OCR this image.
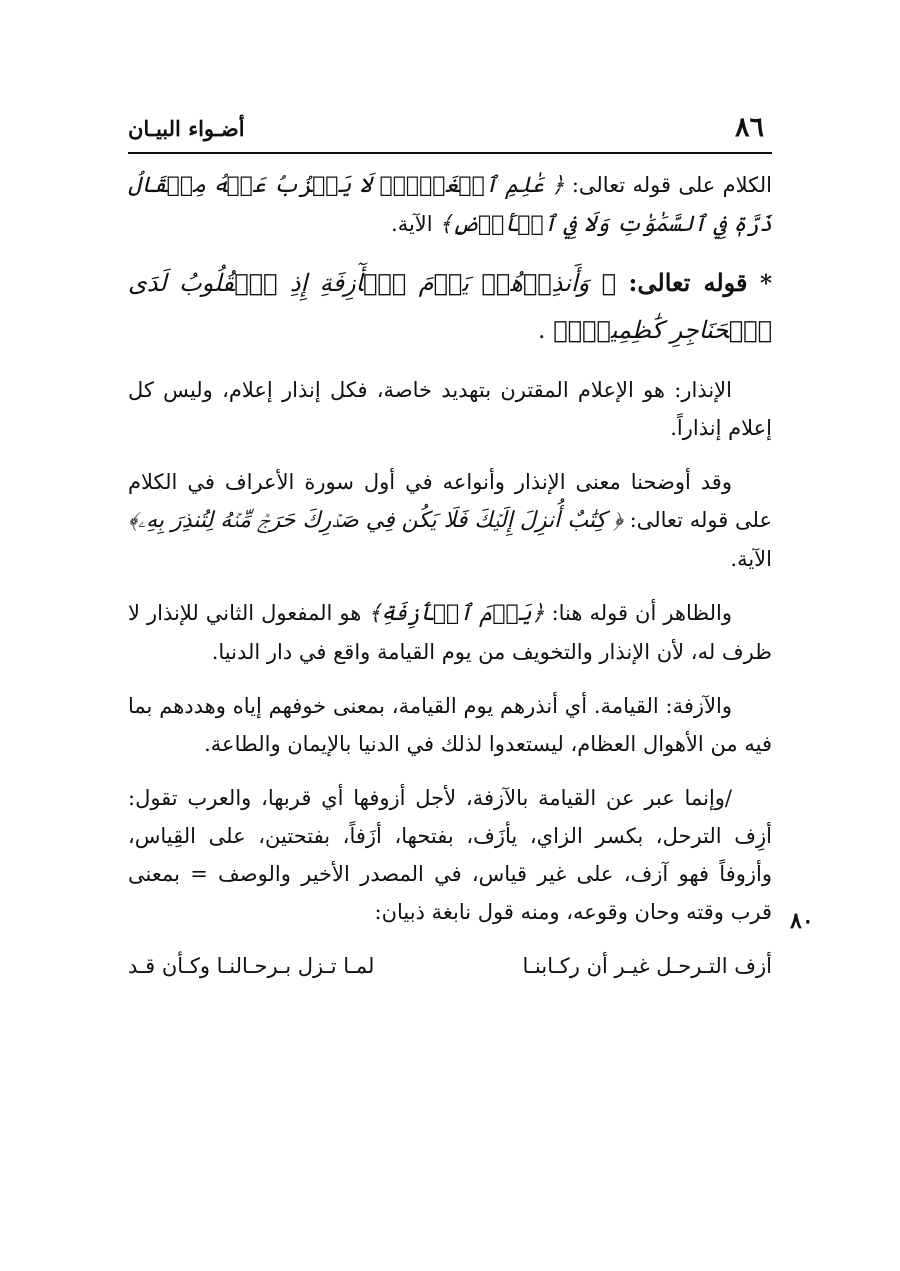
٨٦
أضـواء البيـان
٨٠

الكلام على قوله تعالى: ﴿ عَٰلِمِ ٱلۡغَيۡبِۖ لَا يَعۡزُبُ عَنۡهُ مِثۡقَالُ ذَرَّةٖ فِي ٱلسَّمَٰوَٰتِ وَلَا فِي ٱلۡأَرۡضِ﴾ الآية.

* قوله تعالى: ﴿ وَأَنذِرۡهُمۡ يَوۡمَ ٱلۡأٓزِفَةِ إِذِ ٱلۡقُلُوبُ لَدَى ٱلۡحَنَاجِرِ كَٰظِمِينَۚ﴾ .

الإنذار: هو الإعلام المقترن بتهديد خاصة، فكل إنذار إعلام، وليس كل إعلام إنذاراً.

وقد أوضحنا معنى الإنذار وأنواعه في أول سورة الأعراف في الكلام على قوله تعالى: ﴿ كِتَٰبٌ أُنزِلَ إِلَيۡكَ فَلَا يَكُن فِي صَدۡرِكَ حَرَجٞ مِّنۡهُ لِتُنذِرَ بِهِۦ﴾ الآية.

والظاهر أن قوله هنا: ﴿يَوۡمَ ٱلۡأٓزِفَةِ﴾ هو المفعول الثاني للإنذار لا ظرف له، لأن الإنذار والتخويف من يوم القيامة واقع في دار الدنيا.

والآزفة: القيامة. أي أنذرهم يوم القيامة، بمعنى خوفهم إياه وهددهم بما فيه من الأهوال العظام، ليستعدوا لذلك في الدنيا بالإيمان والطاعة.

/وإنما عبر عن القيامة بالآزفة، لأجل أزوفها أي قربها، والعرب تقول: أزِف الترحل، بكسر الزاي، يأزَف، بفتحها، أزَفاً، بفتحتين، على القِياس، وأزوفاً فهو آزف، على غير قياس، في المصدر الأخير والوصف = بمعنى قرب وقته وحان وقوعه، ومنه قول نابغة ذبيان:

أزف التـرحـل غيـر أن ركـابنـا
لمـا تـزل بـرحـالنـا وكـأن قـد
